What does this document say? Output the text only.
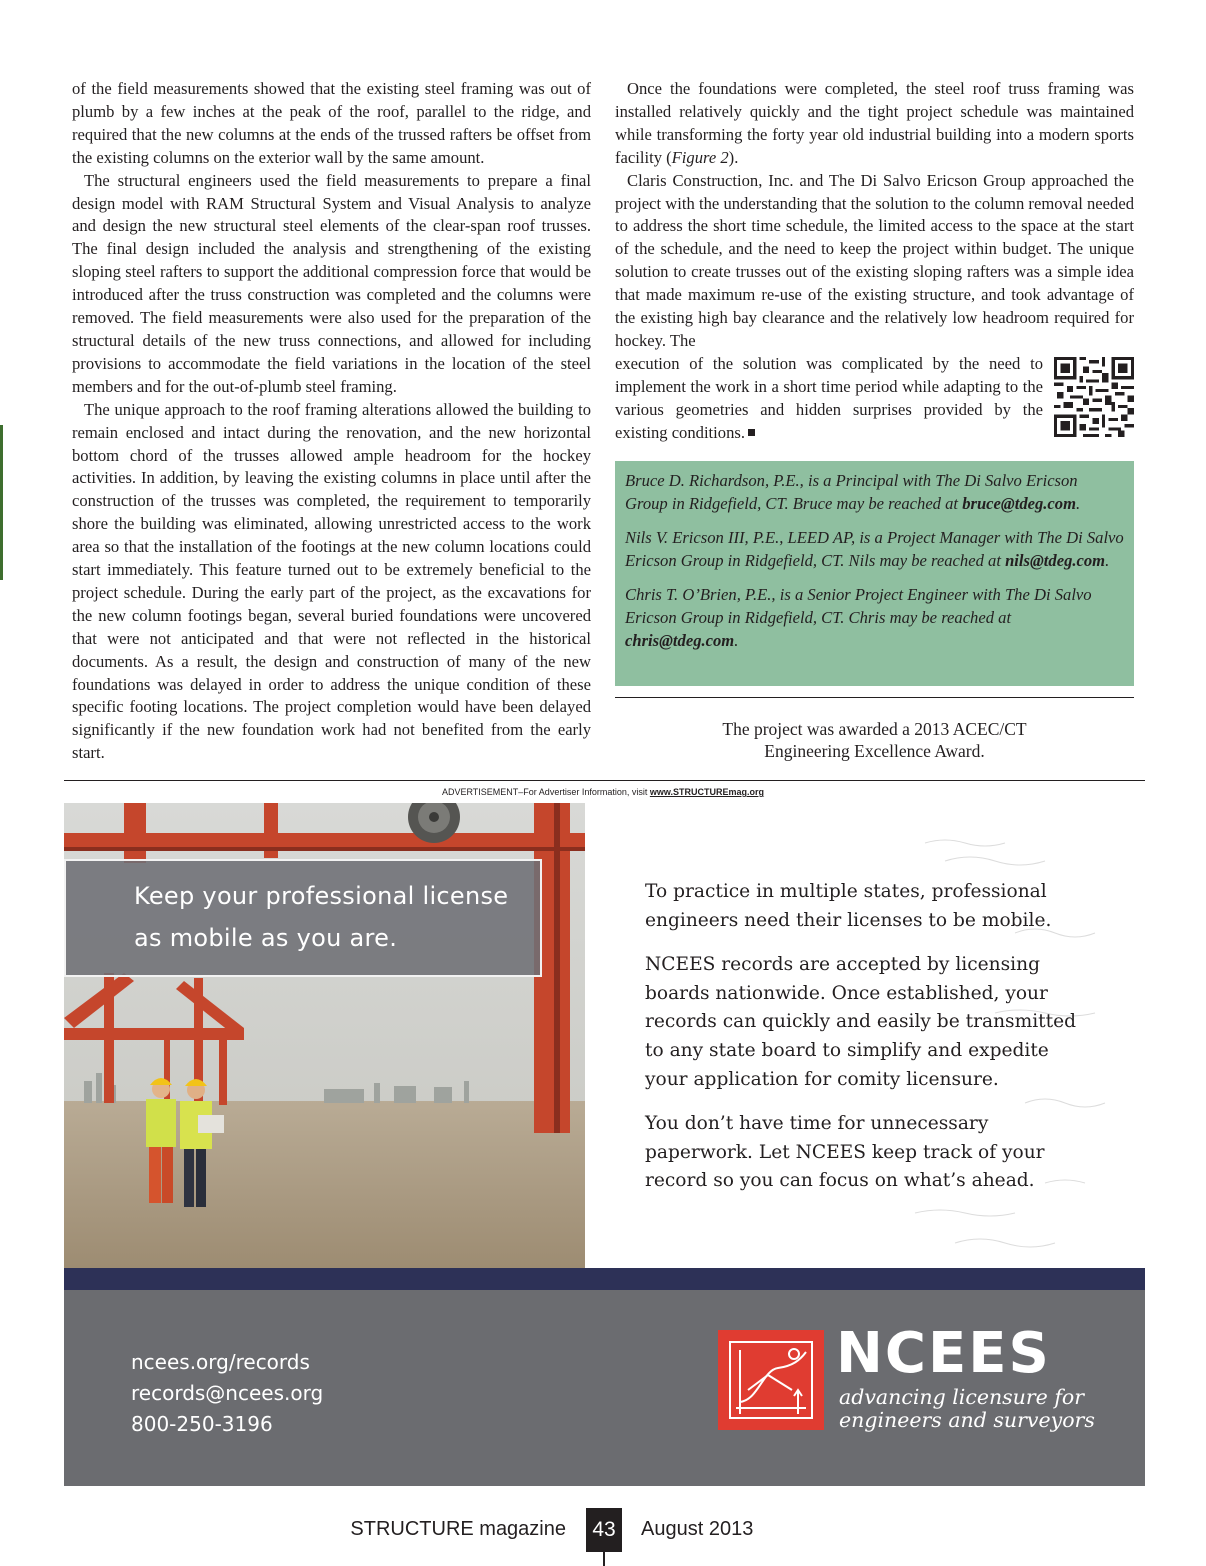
of the field measurements showed that the existing steel framing was out of plumb by a few inches at the peak of the roof, parallel to the ridge, and required that the new columns at the ends of the trussed rafters be offset from the existing columns on the exterior wall by the same amount.

The structural engineers used the field measurements to prepare a final design model with RAM Structural System and Visual Analysis to analyze and design the new structural steel elements of the clear-span roof trusses. The final design included the analysis and strengthening of the existing sloping steel rafters to support the additional compression force that would be introduced after the truss construction was completed and the columns were removed. The field measurements were also used for the preparation of the structural details of the new truss connections, and allowed for including provisions to accommodate the field variations in the location of the steel members and for the out-of-plumb steel framing.

The unique approach to the roof framing alterations allowed the building to remain enclosed and intact during the renovation, and the new horizontal bottom chord of the trusses allowed ample headroom for the hockey activities. In addition, by leaving the existing columns in place until after the construction of the trusses was completed, the requirement to temporarily shore the building was eliminated, allowing unrestricted access to the work area so that the installation of the footings at the new column locations could start immediately. This feature turned out to be extremely beneficial to the project schedule. During the early part of the project, as the excavations for the new column footings began, several buried foundations were uncovered that were not anticipated and that were not reflected in the historical documents. As a result, the design and construction of many of the new foundations was delayed in order to address the unique condition of these specific footing locations. The project completion would have been delayed significantly if the new foundation work had not benefited from the early start.

Once the foundations were completed, the steel roof truss framing was installed relatively quickly and the tight project schedule was maintained while transforming the forty year old industrial building into a modern sports facility (Figure 2).

Claris Construction, Inc. and The Di Salvo Ericson Group approached the project with the understanding that the solution to the column removal needed to address the short time schedule, the limited access to the space at the start of the schedule, and the need to keep the project within budget. The unique solution to create trusses out of the existing sloping rafters was a simple idea that made maximum re-use of the existing structure, and took advantage of the existing high bay clearance and the relatively low headroom required for hockey. The

execution of the solution was complicated by the need to implement the work in a short time period while adapting to the various geometries and hidden surprises provided by the existing conditions.

Bruce D. Richardson, P.E., is a Principal with The Di Salvo Ericson Group in Ridgefield, CT. Bruce may be reached at bruce@tdeg.com.

Nils V. Ericson III, P.E., LEED AP, is a Project Manager with The Di Salvo Ericson Group in Ridgefield, CT. Nils may be reached at nils@tdeg.com.

Chris T. O’Brien, P.E., is a Senior Project Engineer with The Di Salvo Ericson Group in Ridgefield, CT. Chris may be reached at chris@tdeg.com.

The project was awarded a 2013 ACEC/CT
Engineering Excellence Award.
ADVERTISEMENT–For Advertiser Information, visit www.STRUCTUREmag.org
Keep your professional license
as mobile as you are.

To practice in multiple states, professional engineers need their licenses to be mobile.

NCEES records are accepted by licensing boards nationwide. Once established, your records can quickly and easily be transmitted to any state board to simplify and expedite your application for comity licensure.

You don’t have time for unnecessary paperwork. Let NCEES keep track of your record so you can focus on what’s ahead.

ncees.org/records
records@ncees.org
800-250-3196
NCEES
advancing licensure for
engineers and surveyors
STRUCTURE magazine	43	August 2013
